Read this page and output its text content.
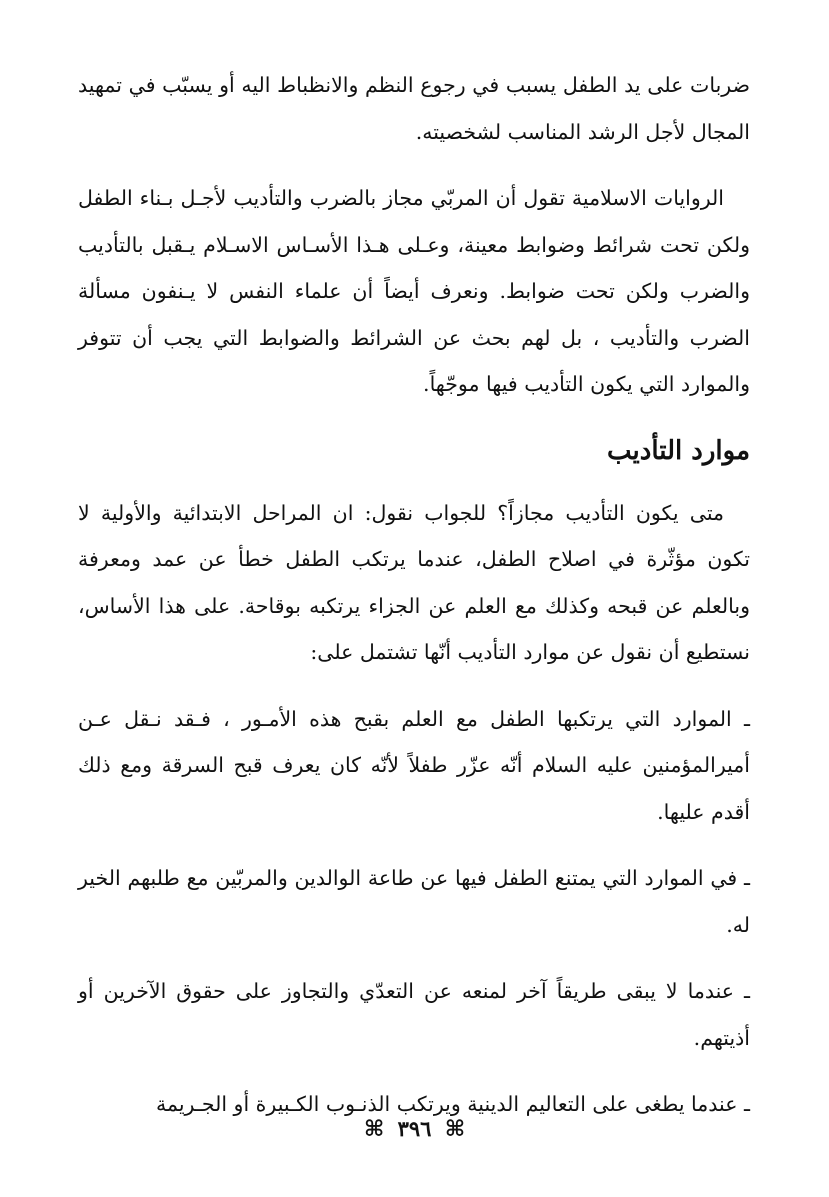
ضربات على يد الطفل يسبب في رجوع النظم والانظباط اليه أو يسبّب في تمهيد المجال لأجل الرشد المناسب لشخصيته.

الروايات الاسلامية تقول أن المربّي مجاز بالضرب والتأديب لأجـل بـناء الطفل ولكن تحت شرائط وضوابط معينة، وعـلى هـذا الأسـاس الاسـلام يـقبل بالتأديب والضرب ولكن تحت ضوابط. ونعرف أيضاً أن علماء النفس لا يـنفون مسألة الضرب والتأديب ، بل لهم بحث عن الشرائط والضوابط التي يجب أن تتوفر والموارد التي يكون التأديب فيها موجّهاً.

موارد التأديب

متى يكون التأديب مجازاً؟ للجواب نقول: ان المراحل الابتدائية والأولية لا تكون مؤثّرة في اصلاح الطفل، عندما يرتكب الطفل خطأ عن عمد ومعرفة وبالعلم عن قبحه وكذلك مع العلم عن الجزاء يرتكبه بوقاحة. على هذا الأساس، نستطيع أن نقول عن موارد التأديب أنّها تشتمل على:

ـ الموارد التي يرتكبها الطفل مع العلم بقبح هذه الأمـور ، فـقد نـقل عـن أميرالمؤمنين عليه السلام أنّه عزّر طفلاً لأنّه كان يعرف قبح السرقة ومع ذلك أقدم عليها.

ـ في الموارد التي يمتنع الطفل فيها عن طاعة الوالدين والمربّين مع طلبهم الخير له.

ـ عندما لا يبقى طريقاً آخر لمنعه عن التعدّي والتجاوز على حقوق الآخرين أو أذيتهم.

ـ عندما يطغى على التعاليم الدينية ويرتكب الذنـوب الكـبيرة أو الجـريمة

⌘ ٣٩٦ ⌘
